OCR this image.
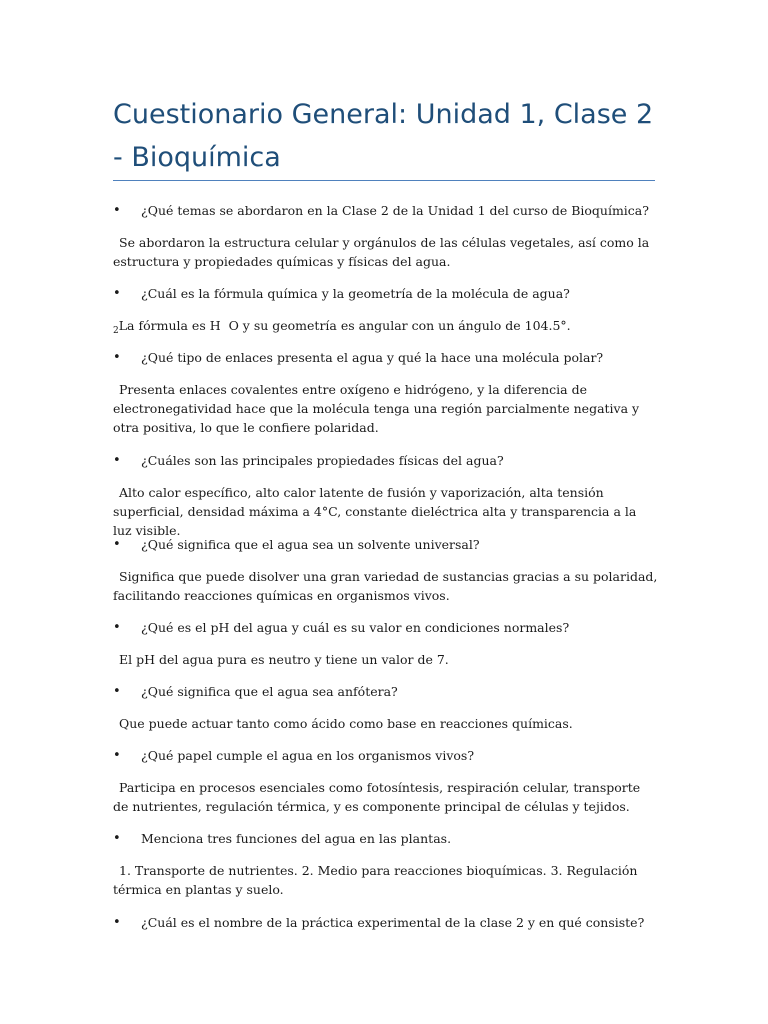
Cuestionario General: Unidad 1, Clase 2 - Bioquímica
• ¿Qué temas se abordaron en la Clase 2 de la Unidad 1 del curso de Bioquímica?
Se abordaron la estructura celular y orgánulos de las células vegetales, así como la estructura y propiedades químicas y físicas del agua.
• ¿Cuál es la fórmula química y la geometría de la molécula de agua?
$_2$La fórmula es H O y su geometría es angular con un ángulo de 104.5°.
• ¿Qué tipo de enlaces presenta el agua y qué la hace una molécula polar?
Presenta enlaces covalentes entre oxígeno e hidrógeno, y la diferencia de electronegatividad hace que la molécula tenga una región parcialmente negativa y otra positiva, lo que le confiere polaridad.
• ¿Cuáles son las principales propiedades físicas del agua?
Alto calor específico, alto calor latente de fusión y vaporización, alta tensión superficial, densidad máxima a 4°C, constante dieléctrica alta y transparencia a la luz visible.
• ¿Qué significa que el agua sea un solvente universal?
Significa que puede disolver una gran variedad de sustancias gracias a su polaridad, facilitando reacciones químicas en organismos vivos.
• ¿Qué es el pH del agua y cuál es su valor en condiciones normales?
El pH del agua pura es neutro y tiene un valor de 7.
• ¿Qué significa que el agua sea anfótera?
Que puede actuar tanto como ácido como base en reacciones químicas.
• ¿Qué papel cumple el agua en los organismos vivos?
Participa en procesos esenciales como fotosíntesis, respiración celular, transporte de nutrientes, regulación térmica, y es componente principal de células y tejidos.
• Menciona tres funciones del agua en las plantas.
1. Transporte de nutrientes. 2. Medio para reacciones bioquímicas. 3. Regulación térmica en plantas y suelo.
• ¿Cuál es el nombre de la práctica experimental de la clase 2 y en qué consiste?
